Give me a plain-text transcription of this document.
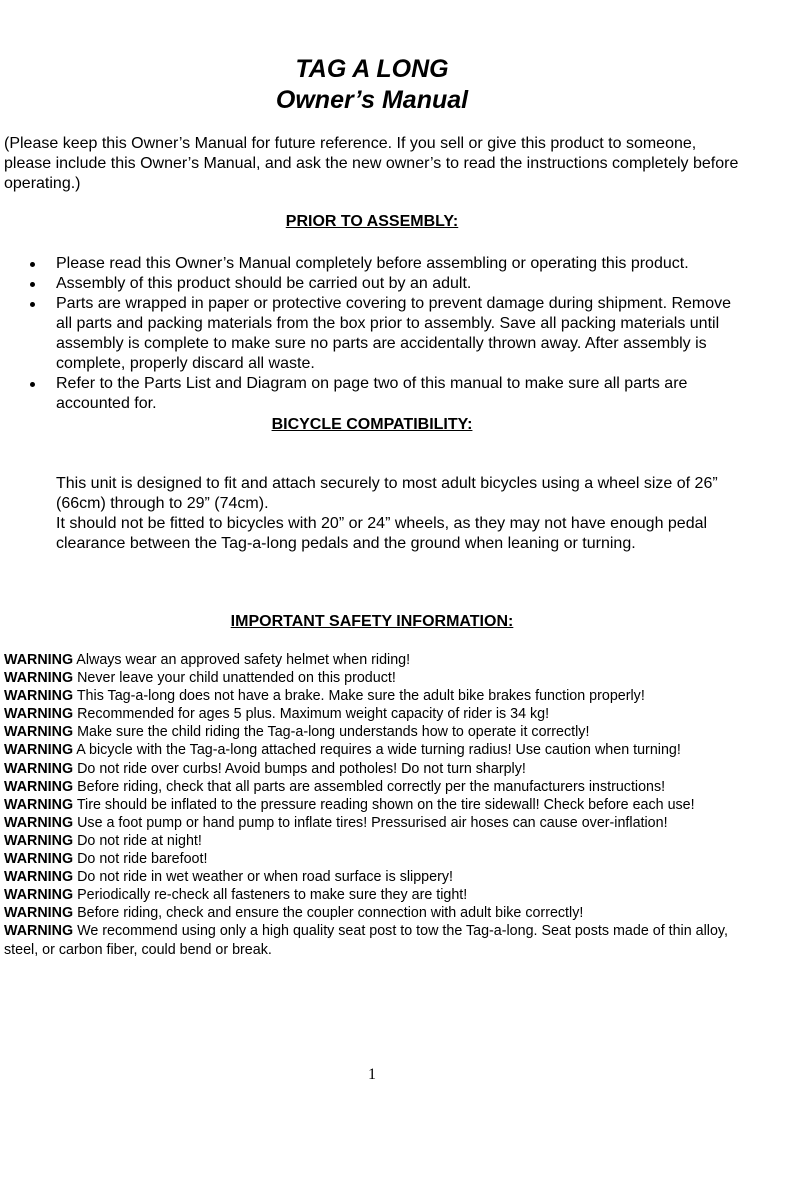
TAG A LONG
Owner’s Manual
(Please keep this Owner’s Manual for future reference. If you sell or give this product to someone, please include this Owner’s Manual, and ask the new owner’s to read the instructions completely before operating.)
PRIOR TO ASSEMBLY:
Please read this Owner’s Manual completely before assembling or operating this product.
Assembly of this product should be carried out by an adult.
Parts are wrapped in paper or protective covering to prevent damage during shipment. Remove all parts and packing materials from the box prior to assembly. Save all packing materials until assembly is complete to make sure no parts are accidentally thrown away. After assembly is complete, properly discard all waste.
Refer to the Parts List and Diagram on page two of this manual to make sure all parts are accounted for.
BICYCLE COMPATIBILITY:

This unit is designed to fit and attach securely to most adult bicycles using a wheel size of 26” (66cm) through to 29” (74cm).

It should not be fitted to bicycles with 20” or 24” wheels, as they may not have enough pedal clearance between the Tag-a-long pedals and the ground when leaning or turning.

IMPORTANT SAFETY INFORMATION:
WARNING Always wear an approved safety helmet when riding!
WARNING Never leave your child unattended on this product!
WARNING This Tag-a-long does not have a brake. Make sure the adult bike brakes function properly!
WARNING Recommended for ages 5 plus. Maximum weight capacity of rider is 34 kg!
WARNING Make sure the child riding the Tag-a-long understands how to operate it correctly!
WARNING A bicycle with the Tag-a-long attached requires a wide turning radius! Use caution when turning!
WARNING Do not ride over curbs! Avoid bumps and potholes! Do not turn sharply!
WARNING Before riding, check that all parts are assembled correctly per the manufacturers instructions!
WARNING Tire should be inflated to the pressure reading shown on the tire sidewall! Check before each use!
WARNING Use a foot pump or hand pump to inflate tires! Pressurised air hoses can cause over-inflation!
WARNING Do not ride at night!
WARNING Do not ride barefoot!
WARNING Do not ride in wet weather or when road surface is slippery!
WARNING Periodically re-check all fasteners to make sure they are tight!
WARNING Before riding, check and ensure the coupler connection with adult bike correctly!
WARNING We recommend using only a high quality seat post to tow the Tag-a-long. Seat posts made of thin alloy, steel, or carbon fiber, could bend or break.
1
